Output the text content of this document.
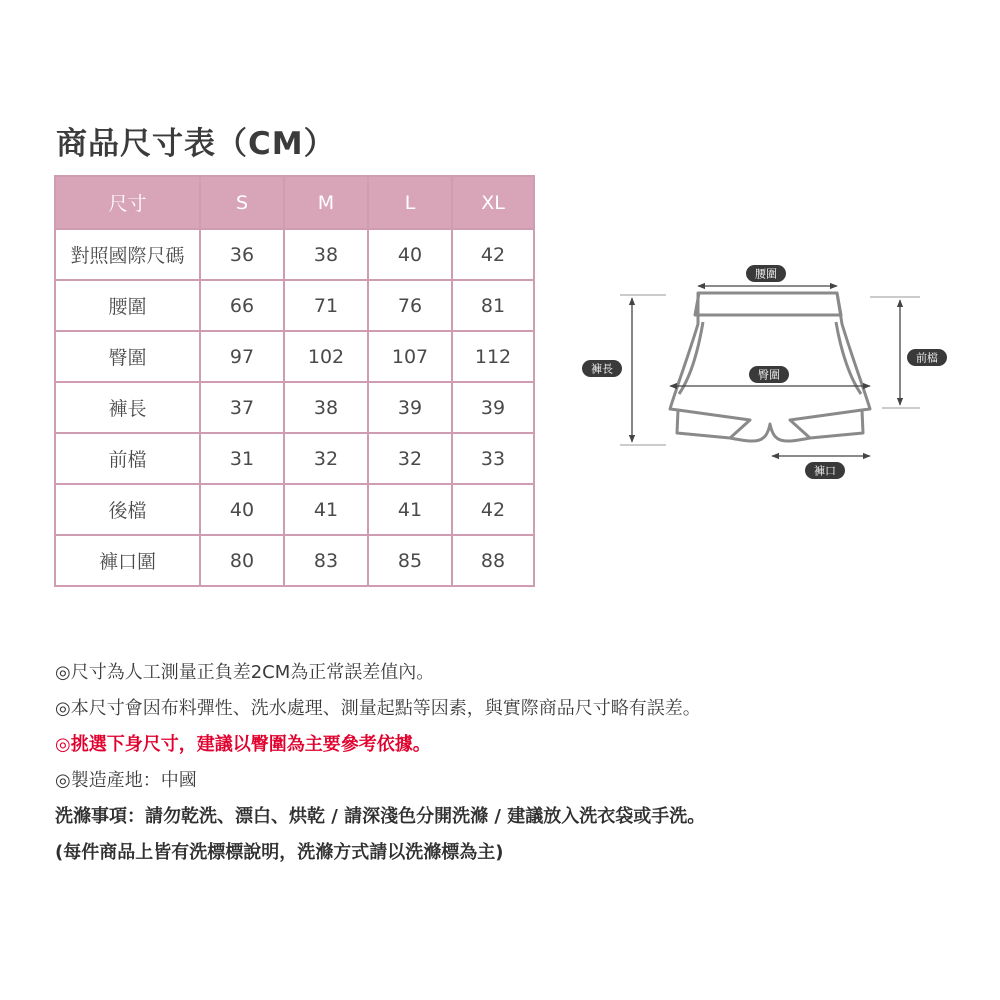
商品尺寸表（CM）
尺寸	S	M	L	XL
對照國際尺碼	36	38	40	42
腰圍	66	71	76	81
臀圍	97	102	107	112
褲長	37	38	39	39
前檔	31	32	32	33
後檔	40	41	41	42
褲口圍	80	83	85	88
腰圍
臀圍
褲長
前檔
褲口
◎尺寸為人工測量正負差2CM為正常誤差值內。
◎本尺寸會因布料彈性、洗水處理、測量起點等因素，與實際商品尺寸略有誤差。
◎挑選下身尺寸，建議以臀圍為主要參考依據。
◎製造產地：中國
洗滌事項：請勿乾洗、漂白、烘乾 / 請深淺色分開洗滌 / 建議放入洗衣袋或手洗。
(每件商品上皆有洗標標說明，洗滌方式請以洗滌標為主)
